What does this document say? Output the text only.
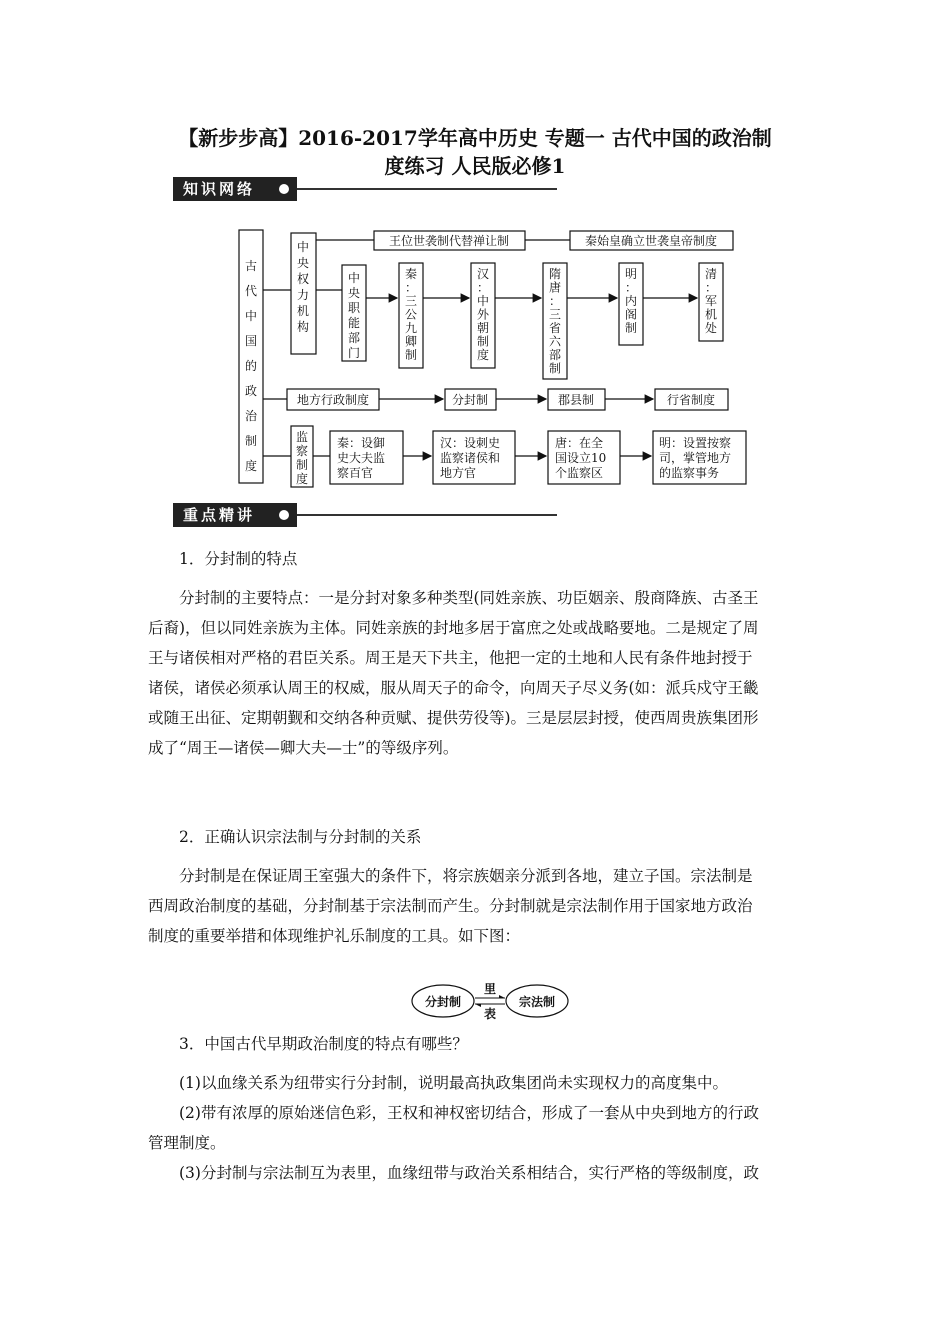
【新步步高】2016-2017学年高中历史 专题一 古代中国的政治制
度练习 人民版必修1
知识网络
古
代
中
国
的
政
治
制
度
中
央
权
力
机
构
王位世袭制代替禅让制	秦始皇确立世袭皇帝制度
中
央
职
能
部
门
秦
：
三
公
九
卿
制
汉
：
中
外
朝
制
度
隋
唐
：
三
省
六
部
制
明
：
内
阁
制
清
：
军
机
处
地方行政制度	分封制	郡县制	行省制度
监
察
制
度
秦：设御
史大夫监
察百官
汉：设刺史
监察诸侯和
地方官
唐：在全
国设立10
个监察区
明：设置按察
司，掌管地方
的监察事务
重点精讲
1．分封制的特点
分封制的主要特点：一是分封对象多种类型(同姓亲族、功臣姻亲、殷商降族、古圣王
后裔)，但以同姓亲族为主体。同姓亲族的封地多居于富庶之处或战略要地。二是规定了周
王与诸侯相对严格的君臣关系。周王是天下共主，他把一定的土地和人民有条件地封授于
诸侯，诸侯必须承认周王的权威，服从周天子的命令，向周天子尽义务(如：派兵戍守王畿
或随王出征、定期朝觐和交纳各种贡赋、提供劳役等)。三是层层封授，使西周贵族集团形
成了“周王—诸侯—卿大夫—士”的等级序列。
2．正确认识宗法制与分封制的关系
分封制是在保证周王室强大的条件下，将宗族姻亲分派到各地，建立子国。宗法制是
西周政治制度的基础，分封制基于宗法制而产生。分封制就是宗法制作用于国家地方政治
制度的重要举措和体现维护礼乐制度的工具。如下图：
分封制	宗法制
里
表
3．中国古代早期政治制度的特点有哪些？
(1)以血缘关系为纽带实行分封制，说明最高执政集团尚未实现权力的高度集中。
(2)带有浓厚的原始迷信色彩，王权和神权密切结合，形成了一套从中央到地方的行政
管理制度。
(3)分封制与宗法制互为表里，血缘纽带与政治关系相结合，实行严格的等级制度，政
